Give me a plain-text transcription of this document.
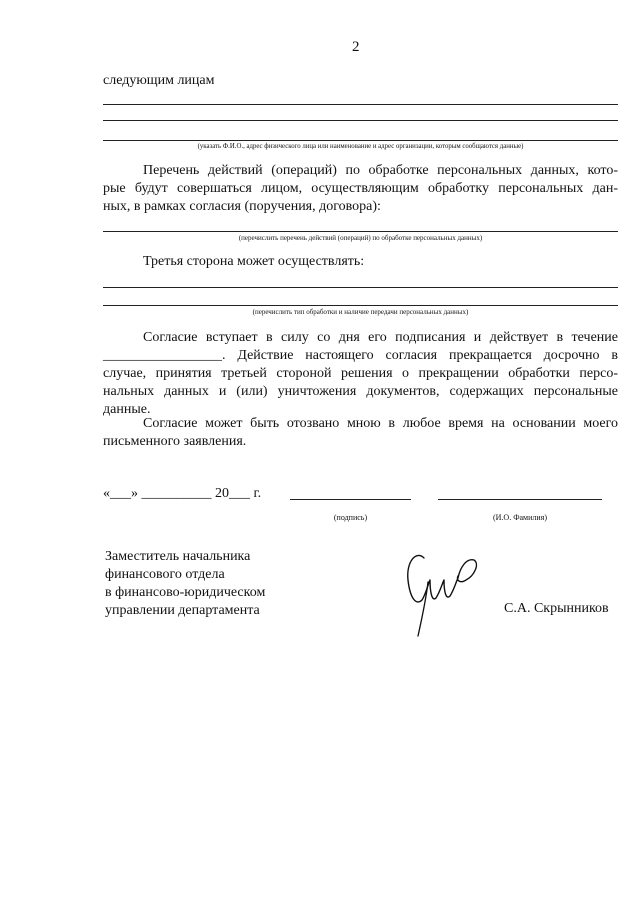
2
следующим лицам
(указать Ф.И.О., адрес физического лица или наименование и адрес организации, которым сообщаются данные)
Перечень действий (операций) по обработке персональных данных, кото-
рые будут совершаться лицом, осуществляющим обработку персональных дан-
ных, в рамках согласия (поручения, договора):
(перечислить перечень действий (операций) по обработке персональных данных)
Третья сторона может осуществлять:
(перечислить тип обработки и наличие передачи персональных данных)
Согласие вступает в силу со дня его подписания и действует в течение
_________________. Действие настоящего согласия прекращается досрочно в
случае, принятия третьей стороной решения о прекращении обработки персо-
нальных данных и (или) уничтожения документов, содержащих персональные
данные.
Согласие может быть отозвано мною в любое время на основании моего
письменного заявления.
«___» __________ 20___ г.
(подпись)	(И.О. Фамилия)
Заместитель начальника
финансового отдела
в финансово-юридическом
управлении департамента	С.А. Скрынников
